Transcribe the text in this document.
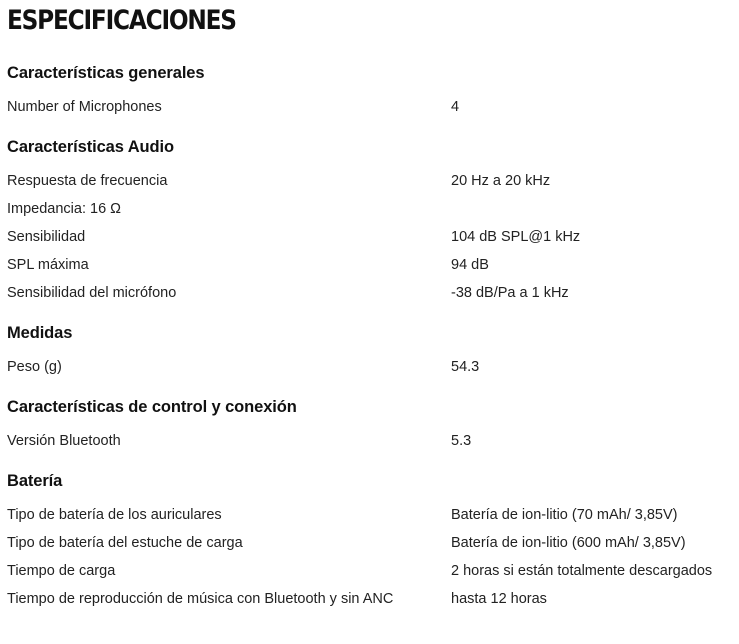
ESPECIFICACIONES
Características generales
Number of Microphones	4
Características Audio
Respuesta de frecuencia	20 Hz a 20 kHz
Impedancia: 16 Ω
Sensibilidad	104 dB SPL@1 kHz
SPL máxima	94 dB
Sensibilidad del micrófono	-38 dB/Pa a 1 kHz
Medidas
Peso (g)	54.3
Características de control y conexión
Versión Bluetooth	5.3
Batería
Tipo de batería de los auriculares	Batería de ion-litio (70 mAh/ 3,85V)
Tipo de batería del estuche de carga	Batería de ion-litio (600 mAh/ 3,85V)
Tiempo de carga	2 horas si están totalmente descargados
Tiempo de reproducción de música con Bluetooth y sin ANC	hasta 12 horas
